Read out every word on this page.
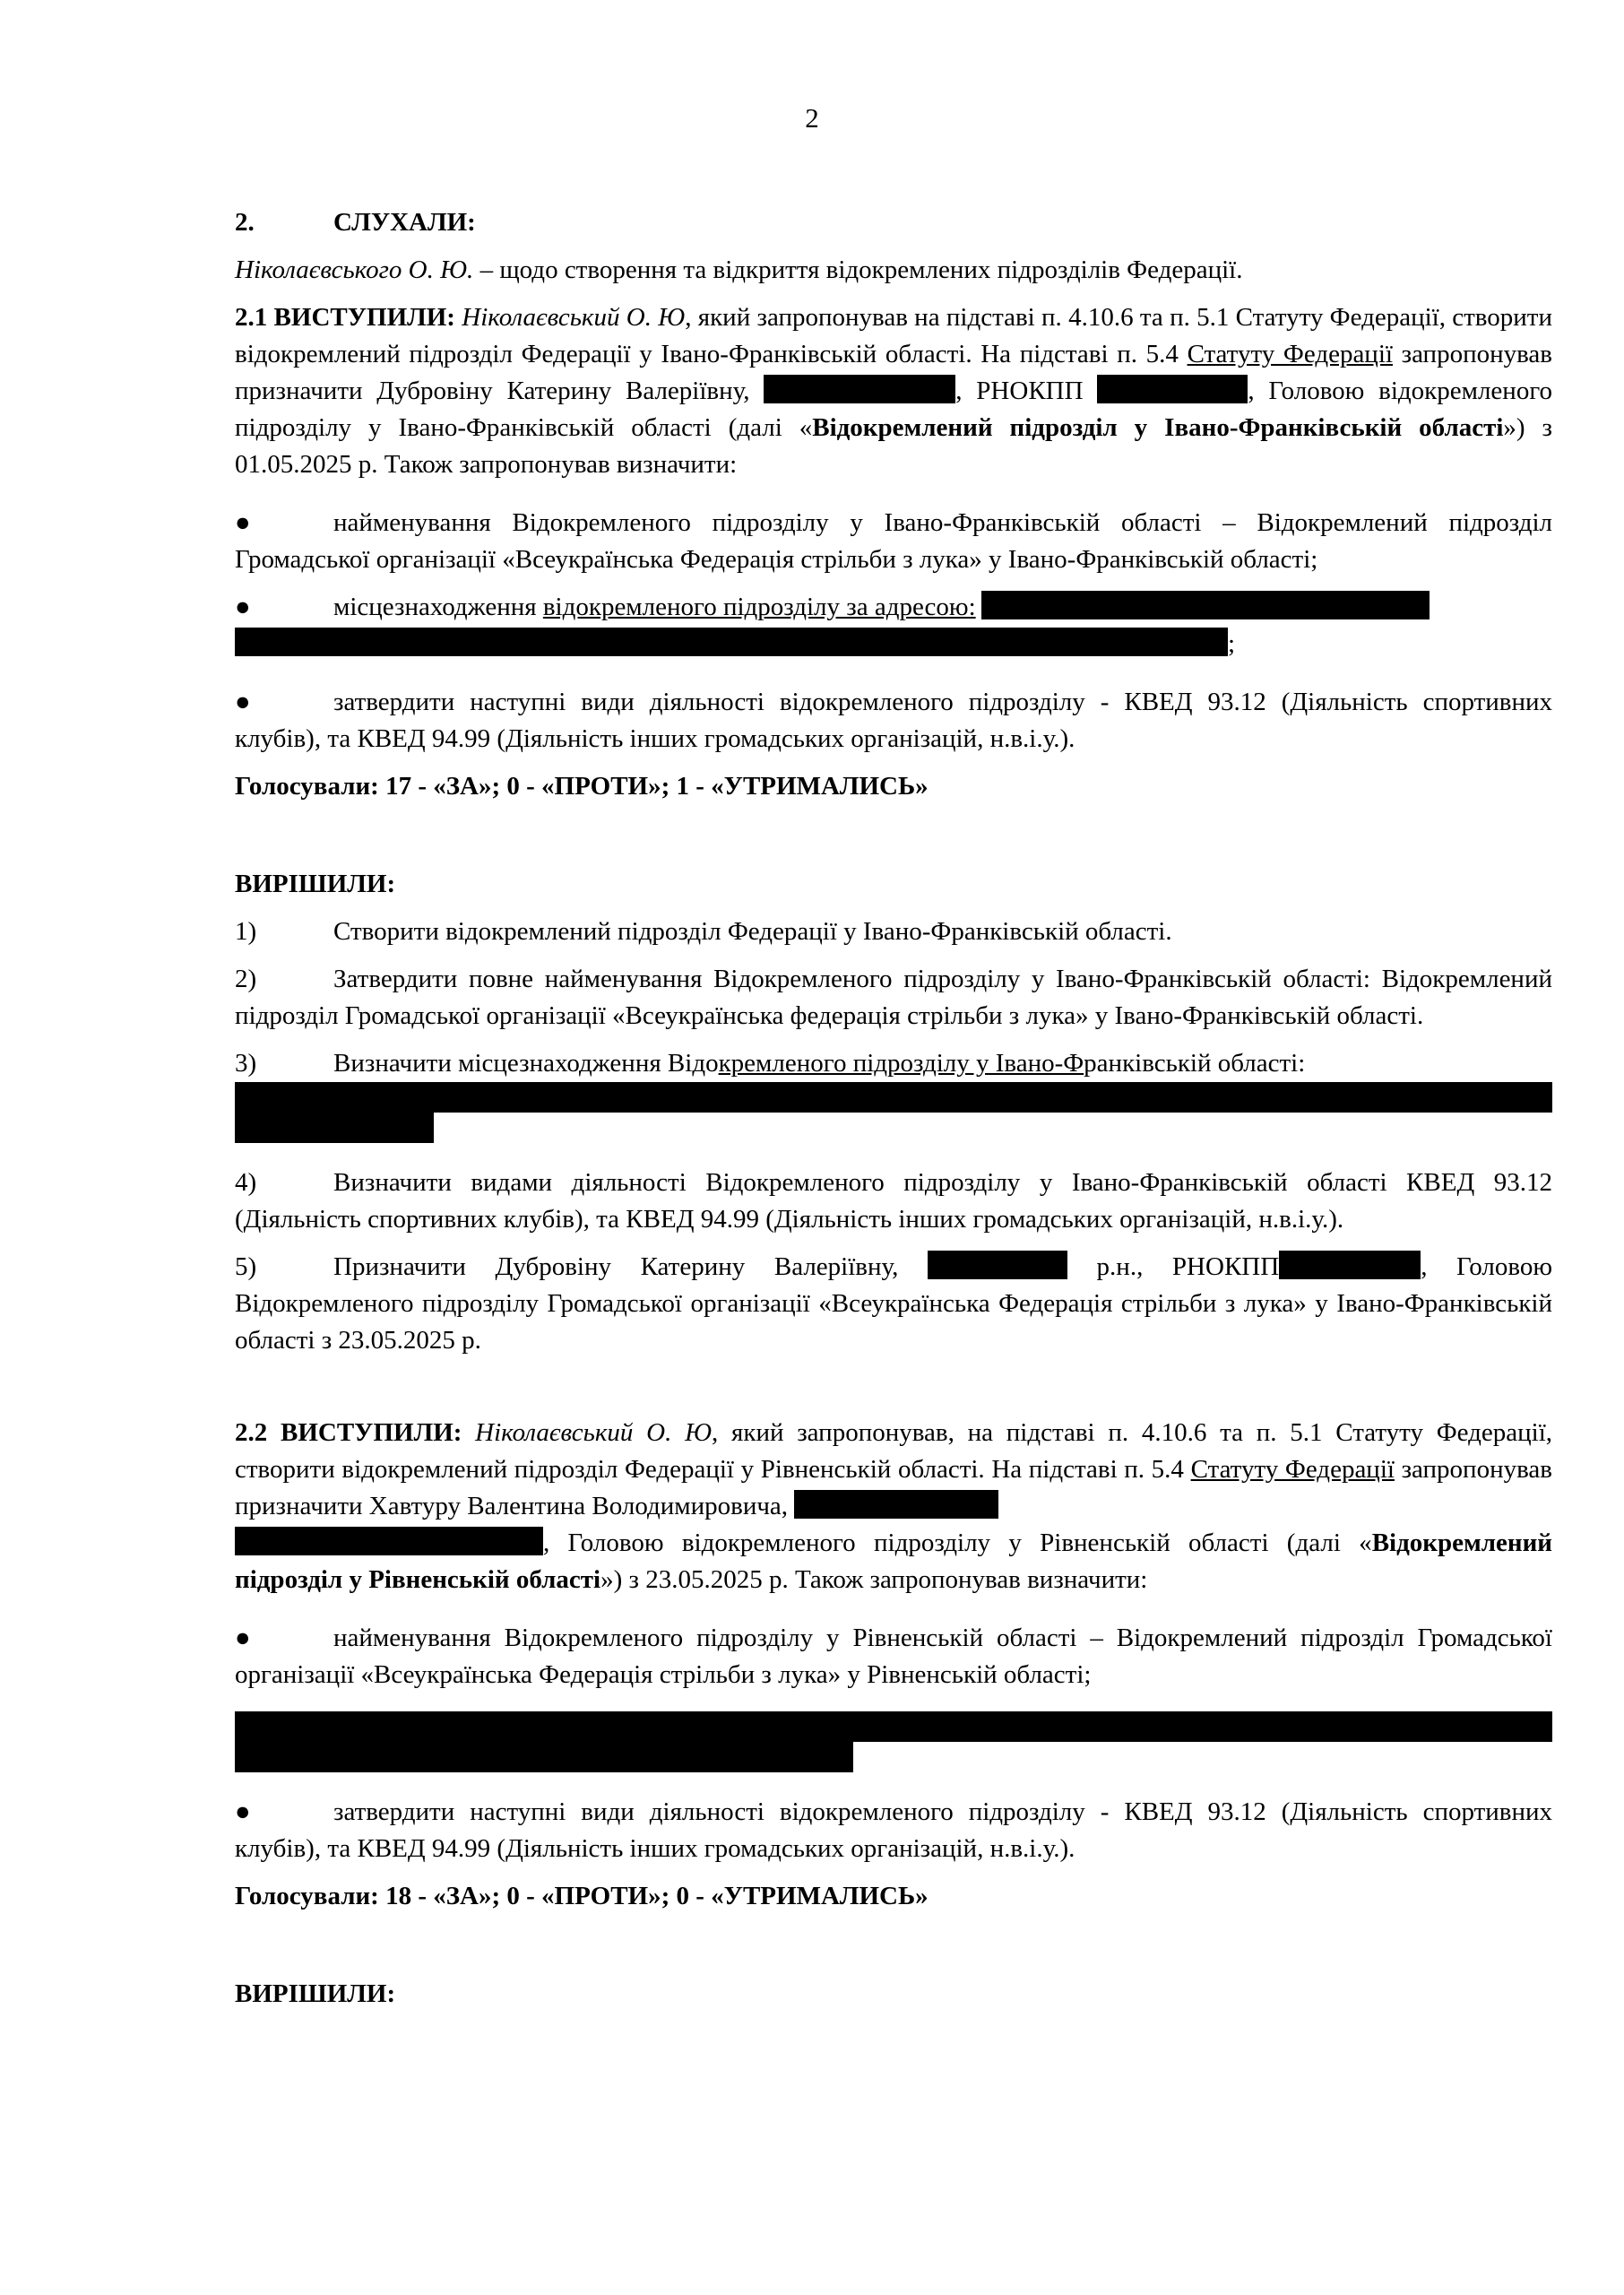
2

2.	СЛУХАЛИ:

Ніколаєвського О. Ю. – щодо створення та відкриття відокремлених підрозділів Федерації.

2.1 ВИСТУПИЛИ: Ніколаєвський О. Ю, який запропонував на підставі п. 4.10.6 та п. 5.1 Статуту Федерації, створити відокремлений підрозділ Федерації у Івано-Франківській області. На підставі п. 5.4 Статуту Федерації запропонував призначити Дубровіну Катерину Валеріївну,	, РНОКПП	, Головою відокремленого підрозділу у Івано-Франківській області (далі «Відокремлений підрозділ у Івано-Франківській області») з 01.05.2025 р. Також запропонував визначити:

●	найменування Відокремленого підрозділу у Івано-Франківській області – Відокремлений підрозділ Громадської організації «Всеукраїнська Федерація стрільби з лука» у Івано-Франківській області;

●	місцезнаходження відокремленого підрозділу за адресою:
;

●	затвердити наступні види діяльності відокремленого підрозділу - КВЕД 93.12 (Діяльність спортивних клубів), та КВЕД 94.99 (Діяльність інших громадських організацій, н.в.і.у.).

Голосували: 17 - «ЗА»; 0 - «ПРОТИ»; 1 - «УТРИМАЛИСЬ»

ВИРІШИЛИ:

1)	Створити відокремлений підрозділ Федерації у Івано-Франківській області.

2)	Затвердити повне найменування Відокремленого підрозділу у Івано-Франківській області: Відокремлений підрозділ Громадської організації «Всеукраїнська федерація стрільби з лука» у Івано-Франківській області.

3)	Визначити місцезнаходження Відокремленого підрозділу у Івано-Франківській області:

4)	Визначити видами діяльності Відокремленого підрозділу у Івано-Франківській області КВЕД 93.12 (Діяльність спортивних клубів), та КВЕД 94.99 (Діяльність інших громадських організацій, н.в.і.у.).

5)	Призначити Дубровіну Катерину Валеріївну,	р.н., РНОКПП	, Головою Відокремленого підрозділу Громадської організації «Всеукраїнська Федерація стрільби з лука» у Івано-Франківській області з 23.05.2025 р.

2.2 ВИСТУПИЛИ: Ніколаєвський О. Ю, який запропонував, на підставі п. 4.10.6 та п. 5.1 Статуту Федерації, створити відокремлений підрозділ Федерації у Рівненській області. На підставі п. 5.4 Статуту Федерації запропонував призначити Хавтуру Валентина Володимировича,
, Головою відокремленого підрозділу у Рівненській області (далі «Відокремлений підрозділ у Рівненській області») з 23.05.2025 р. Також запропонував визначити:

●	найменування Відокремленого підрозділу у Рівненській області – Відокремлений підрозділ Громадської організації «Всеукраїнська Федерація стрільби з лука» у Рівненській області;

●	затвердити наступні види діяльності відокремленого підрозділу - КВЕД 93.12 (Діяльність спортивних клубів), та КВЕД 94.99 (Діяльність інших громадських організацій, н.в.і.у.).

Голосували: 18 - «ЗА»; 0 - «ПРОТИ»; 0 - «УТРИМАЛИСЬ»

ВИРІШИЛИ:
